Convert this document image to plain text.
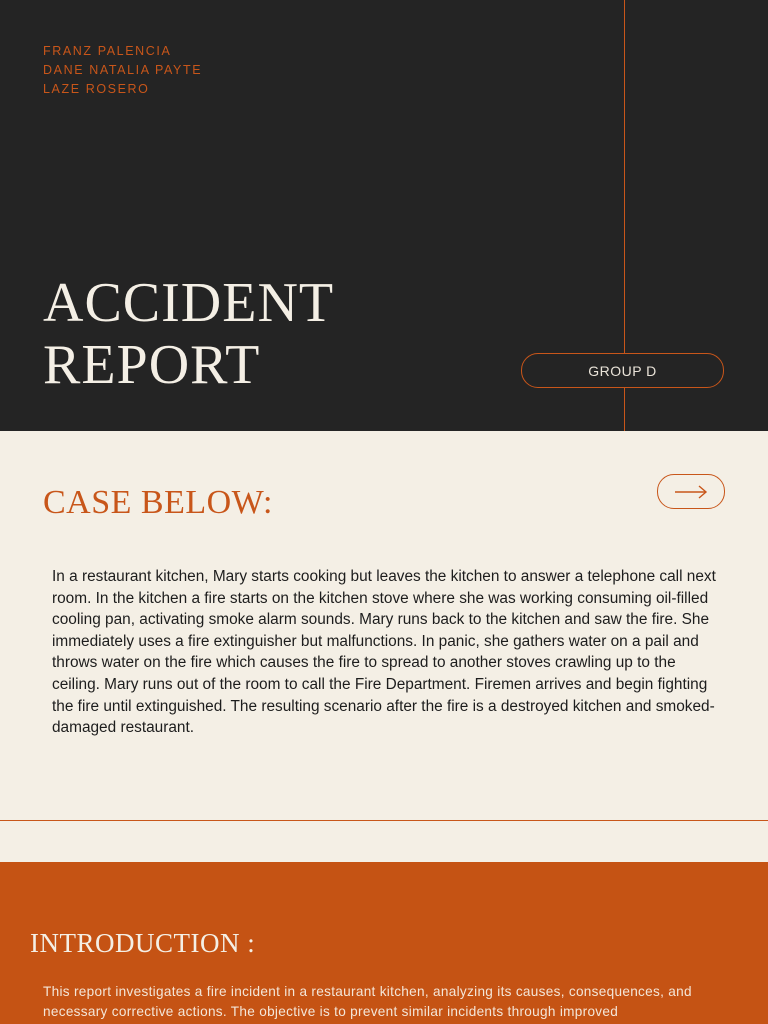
FRANZ PALENCIA
DANE NATALIA PAYTE
LAZE ROSERO
ACCIDENT
REPORT	GROUP D
CASE BELOW:
In a restaurant kitchen, Mary starts cooking but leaves the kitchen to answer a telephone call next room. In the kitchen a fire starts on the kitchen stove where she was working consuming oil-filled cooling pan, activating smoke alarm sounds. Mary runs back to the kitchen and saw the fire. She immediately uses a fire extinguisher but malfunctions. In panic, she gathers water on a pail and throws water on the fire which causes the fire to spread to another stoves crawling up to the ceiling. Mary runs out of the room to call the Fire Department. Firemen arrives and begin fighting the fire until extinguished. The resulting scenario after the fire is a destroyed kitchen and smoked-damaged restaurant.
INTRODUCTION :
This report investigates a fire incident in a restaurant kitchen, analyzing its causes, consequences, and necessary corrective actions. The objective is to prevent similar incidents through improved
